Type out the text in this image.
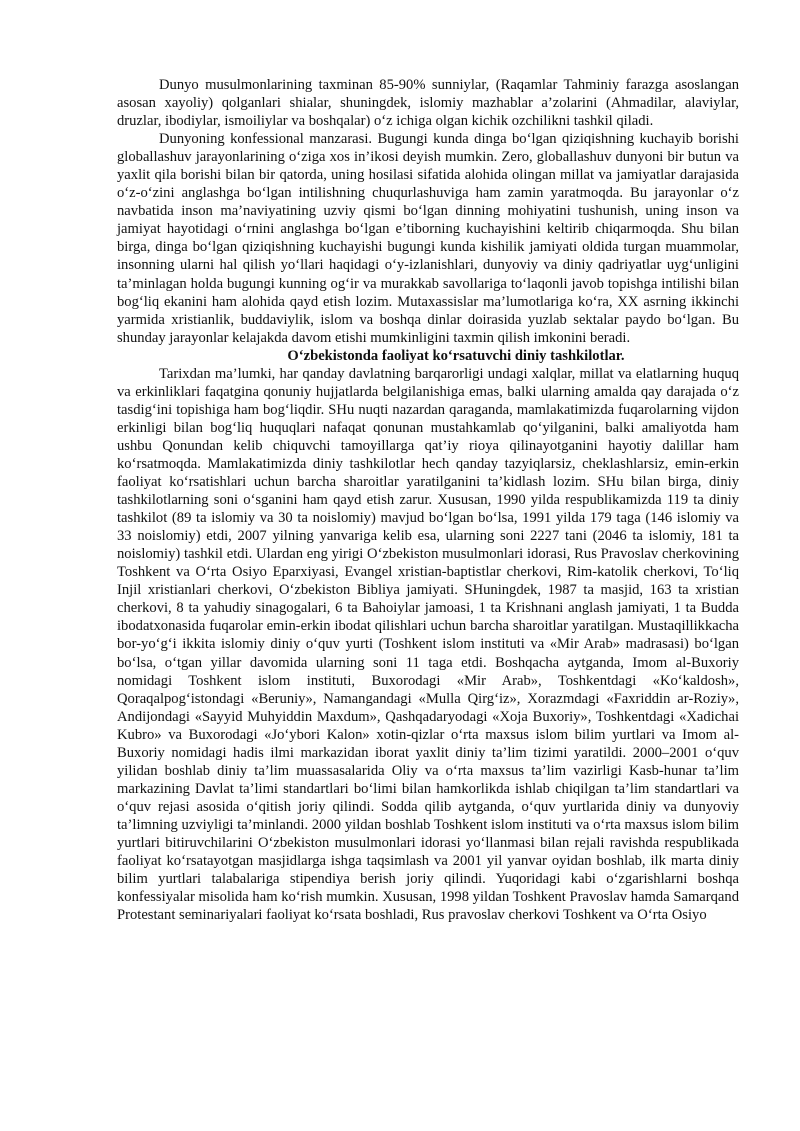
Dunyo musulmonlarining taxminan 85-90% sunniylar, (Raqamlar Tahminiy farazga asoslangan asosan xayoliy) qolganlari shialar, shuningdek, islomiy mazhablar a’zolarini (Ahmadilar, alaviylar, druzlar, ibodiylar, ismoiliylar va boshqalar) o‘z ichiga olgan kichik ozchilikni tashkil qiladi.

Dunyoning konfessional manzarasi. Bugungi kunda dinga bo‘lgan qiziqishning kuchayib borishi globallashuv jarayonlarining o‘ziga xos in’ikosi deyish mumkin. Zero, globallashuv dunyoni bir butun va yaxlit qila borishi bilan bir qatorda, uning hosilasi sifatida alohida olingan millat va jamiyatlar darajasida o‘z-o‘zini anglashga bo‘lgan intilishning chuqurlashuviga ham zamin yaratmoqda. Bu jarayonlar o‘z navbatida inson ma’naviyatining uzviy qismi bo‘lgan dinning mohiyatini tushunish, uning inson va jamiyat hayotidagi o‘rnini anglashga bo‘lgan e’tiborning kuchayishini keltirib chiqarmoqda. Shu bilan birga, dinga bo‘lgan qiziqishning kuchayishi bugungi kunda kishilik jamiyati oldida turgan muammolar, insonning ularni hal qilish yo‘llari haqidagi o‘y-izlanishlari, dunyoviy va diniy qadriyatlar uyg‘unligini ta’minlagan holda bugungi kunning og‘ir va murakkab savollariga to‘laqonli javob topishga intilishi bilan bog‘liq ekanini ham alohida qayd etish lozim. Mutaxassislar ma’lumotlariga ko‘ra, XX asrning ikkinchi yarmida xristianlik, buddaviylik, islom va boshqa dinlar doirasida yuzlab sektalar paydo bo‘lgan. Bu shunday jarayonlar kelajakda davom etishi mumkinligini taxmin qilish imkonini beradi.

O‘zbekistonda faoliyat ko‘rsatuvchi diniy tashkilotlar.

Tarixdan ma’lumki, har qanday davlatning barqarorligi undagi xalqlar, millat va elatlarning huquq va erkinliklari faqatgina qonuniy hujjatlarda belgilanishiga emas, balki ularning amalda qay darajada o‘z tasdig‘ini topishiga ham bog‘liqdir. SHu nuqti nazardan qaraganda, mamlakatimizda fuqarolarning vijdon erkinligi bilan bog‘liq huquqlari nafaqat qonunan mustahkamlab qo‘yilganini, balki amaliyotda ham ushbu Qonundan kelib chiquvchi tamoyillarga qat’iy rioya qilinayotganini hayotiy dalillar ham ko‘rsatmoqda. Mamlakatimizda diniy tashkilotlar hech qanday tazyiqlarsiz, cheklashlarsiz, emin-erkin faoliyat ko‘rsatishlari uchun barcha sharoitlar yaratilganini ta’kidlash lozim. SHu bilan birga, diniy tashkilotlarning soni o‘sganini ham qayd etish zarur. Xususan, 1990 yilda respublikamizda 119 ta diniy tashkilot (89 ta islomiy va 30 ta noislomiy) mavjud bo‘lgan bo‘lsa, 1991 yilda 179 taga (146 islomiy va 33 noislomiy) etdi, 2007 yilning yanvariga kelib esa, ularning soni 2227 tani (2046 ta islomiy, 181 ta noislomiy) tashkil etdi. Ulardan eng yirigi O‘zbekiston musulmonlari idorasi, Rus Pravoslav cherkovining Toshkent va O‘rta Osiyo Eparxiyasi, Evangel xristian-baptistlar cherkovi, Rim-katolik cherkovi, To‘liq Injil xristianlari cherkovi, O‘zbekiston Bibliya jamiyati. SHuningdek, 1987 ta masjid, 163 ta xristian cherkovi, 8 ta yahudiy sinagogalari, 6 ta Bahoiylar jamoasi, 1 ta Krishnani anglash jamiyati, 1 ta Budda ibodatxonasida fuqarolar emin-erkin ibodat qilishlari uchun barcha sharoitlar yaratilgan. Mustaqillikkacha bor-yo‘g‘i ikkita islomiy diniy o‘quv yurti (Toshkent islom instituti va «Mir Arab» madrasasi) bo‘lgan bo‘lsa, o‘tgan yillar davomida ularning soni 11 taga etdi. Boshqacha aytganda, Imom al-Buxoriy nomidagi Toshkent islom instituti, Buxorodagi «Mir Arab», Toshkentdagi «Ko‘kaldosh», Qoraqalpog‘istondagi «Beruniy», Namangandagi «Mulla Qirg‘iz», Xorazmdagi «Faxriddin ar-Roziy», Andijondagi «Sayyid Muhyiddin Maxdum», Qashqadaryodagi «Xoja Buxoriy», Toshkentdagi «Xadichai Kubro» va Buxorodagi «Jo‘ybori Kalon» xotin-qizlar o‘rta maxsus islom bilim yurtlari va Imom al-Buxoriy nomidagi hadis ilmi markazidan iborat yaxlit diniy ta’lim tizimi yaratildi. 2000–2001 o‘quv yilidan boshlab diniy ta’lim muassasalarida Oliy va o‘rta maxsus ta’lim vazirligi Kasb-hunar ta’lim markazining Davlat ta’limi standartlari bo‘limi bilan hamkorlikda ishlab chiqilgan ta’lim standartlari va o‘quv rejasi asosida o‘qitish joriy qilindi. Sodda qilib aytganda, o‘quv yurtlarida diniy va dunyoviy ta’limning uzviyligi ta’minlandi. 2000 yildan boshlab Toshkent islom instituti va o‘rta maxsus islom bilim yurtlari bitiruvchilarini O‘zbekiston musulmonlari idorasi yo‘llanmasi bilan rejali ravishda respublikada faoliyat ko‘rsatayotgan masjidlarga ishga taqsimlash va 2001 yil yanvar oyidan boshlab, ilk marta diniy bilim yurtlari talabalariga stipendiya berish joriy qilindi. Yuqoridagi kabi o‘zgarishlarni boshqa konfessiyalar misolida ham ko‘rish mumkin. Xususan, 1998 yildan Toshkent Pravoslav hamda Samarqand Protestant seminariyalari faoliyat ko‘rsata boshladi, Rus pravoslav cherkovi Toshkent va O‘rta Osiyo
